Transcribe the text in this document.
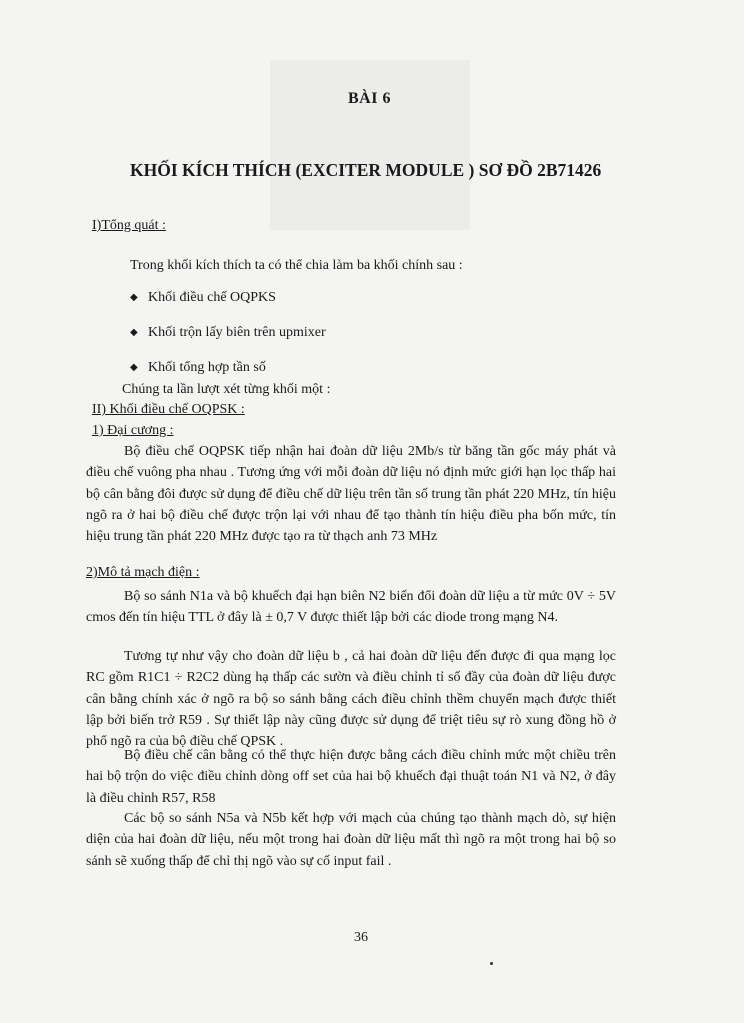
BÀI 6
KHỐI KÍCH THÍCH (EXCITER MODULE ) SƠ ĐỒ 2B71426
I)Tổng quát :
Trong khối kích thích ta có thể chia làm ba khối chính sau :
◆ Khối điều chế OQPKS
◆ Khối trộn lấy biên trên upmixer
◆ Khối tổng hợp tần số
Chúng ta lần lượt xét từng khối một :
II) Khối điều chế OQPSK :
1) Đại cương :

Bộ điều chế OQPSK tiếp nhận hai đoàn dữ liệu 2Mb/s từ băng tần gốc máy phát và điều chế vuông pha nhau . Tương ứng với mỗi đoàn dữ liệu nó định mức giới hạn lọc thấp hai bộ cân bằng đôi được sử dụng để điều chế dữ liệu trên tần số trung tần phát 220 MHz, tín hiệu ngõ ra ở hai bộ điều chế được trộn lại với nhau để tạo thành tín hiệu điều pha bốn mức, tín hiệu trung tần phát 220 MHz được tạo ra từ thạch anh 73 MHz

2)Mô tả mạch điện :

Bộ so sánh N1a và bộ khuếch đại hạn biên N2 biến đổi đoàn dữ liệu a từ mức 0V ÷ 5V cmos đến tín hiệu TTL ở đây là ± 0,7 V được thiết lập bởi các diode trong mạng N4.

Tương tự như vậy cho đoàn dữ liệu b , cả hai đoàn dữ liệu đến được đi qua mạng lọc RC gồm R1C1 ÷ R2C2 dùng hạ thấp các sườn và điều chỉnh tỉ số đầy của đoàn dữ liệu được cân bằng chính xác ở ngõ ra bộ so sánh bằng cách điều chỉnh thềm chuyển mạch được thiết lập bởi biến trở R59 . Sự thiết lập này cũng được sử dụng để triệt tiêu sự rò xung đồng hồ ở phổ ngõ ra của bộ điều chế QPSK .

Bộ điều chế cân bằng có thể thực hiện được bằng cách điều chỉnh mức một chiều trên hai bộ trộn do việc điều chỉnh dòng off set của hai bộ khuếch đại thuật toán N1 và N2, ở đây là điều chỉnh R57, R58

Các bộ so sánh N5a và N5b kết hợp với mạch của chúng tạo thành mạch dò, sự hiện diện của hai đoàn dữ liệu, nếu một trong hai đoàn dữ liệu mất thì ngõ ra một trong hai bộ so sánh sẽ xuống thấp để chỉ thị ngõ vào sự cố input fail .

36
